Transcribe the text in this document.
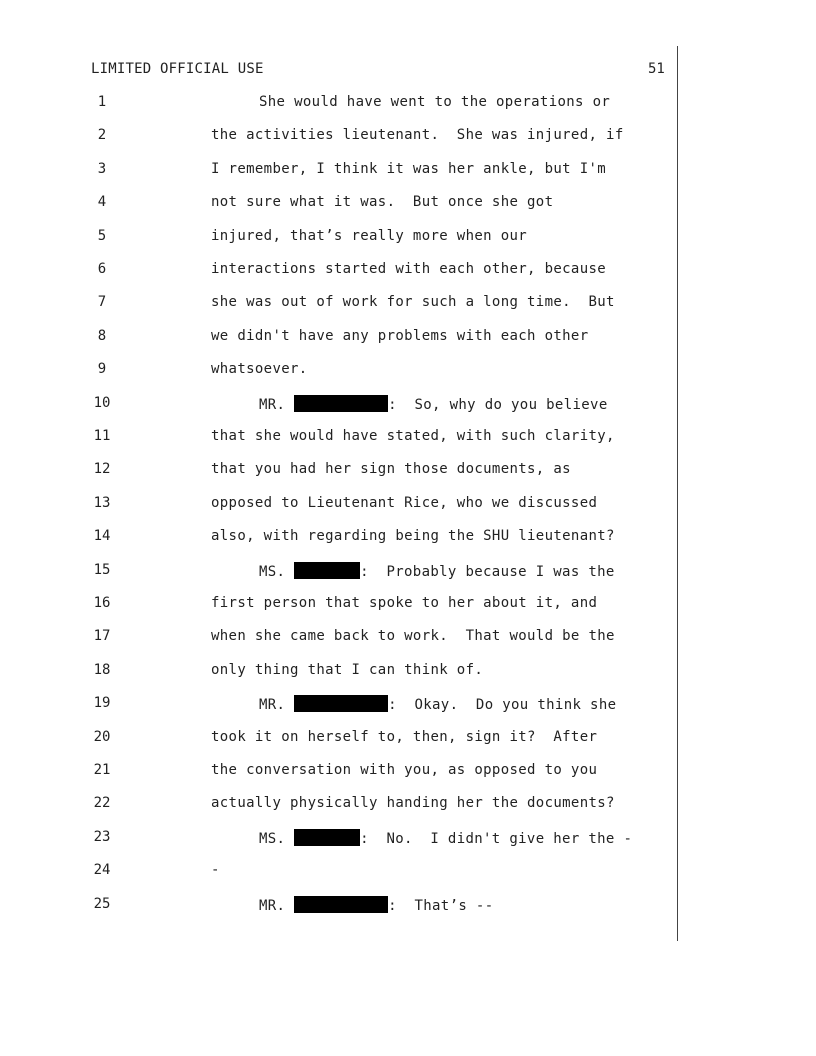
LIMITED OFFICIAL USE	51
1	She would have went to the operations or
2	the activities lieutenant.  She was injured, if
3	I remember, I think it was her ankle, but I'm
4	not sure what it was.  But once she got
5	injured, that’s really more when our
6	interactions started with each other, because
7	she was out of work for such a long time.  But
8	we didn't have any problems with each other
9	whatsoever.
10	MR.	:  So, why do you believe
11	that she would have stated, with such clarity,
12	that you had her sign those documents, as
13	opposed to Lieutenant Rice, who we discussed
14	also, with regarding being the SHU lieutenant?
15	MS.	:  Probably because I was the
16	first person that spoke to her about it, and
17	when she came back to work.  That would be the
18	only thing that I can think of.
19	MR.	:  Okay.  Do you think she
20	took it on herself to, then, sign it?  After
21	the conversation with you, as opposed to you
22	actually physically handing her the documents?
23	MS.	:  No.  I didn't give her the -
24	-
25	MR.	:  That’s --
